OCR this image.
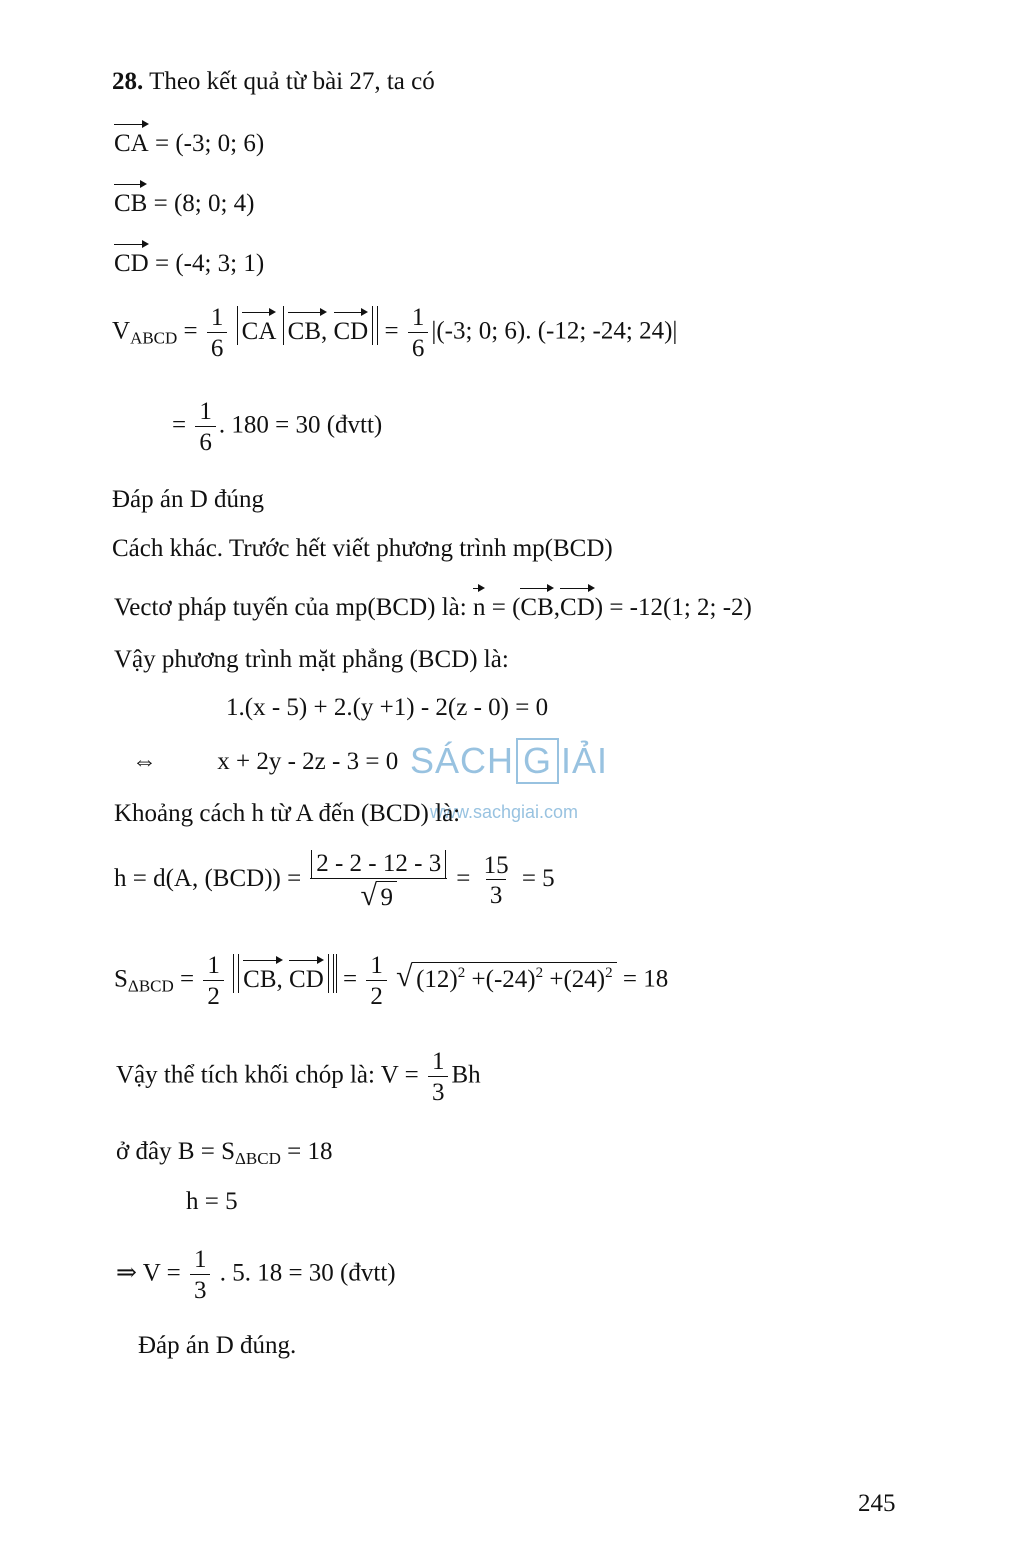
28. Theo kết quả từ bài 27, ta có
CA = (-3; 0; 6)
CB = (8; 0; 4)
CD = (-4; 3; 1)
$V_{ABCD} = \frac{1}{6}$ CA CB, CD = $\frac{1}{6} |(-3$; 0; 6). (-12; -24; 24)|
= $\frac{1}{6}$ . 180 = 30 (đvtt)
Đáp án D đúng
Cách khác. Trước hết viết phương trình mp(BCD)
Vectơ pháp tuyến của mp(BCD) là: n = (CB,CD) = -12(1; 2; -2)
Vậy phương trình mặt phẳng (BCD) là:
1.(x - 5) + 2.(y +1) - 2(z - 0) = 0
⇔ x + 2y - 2z - 3 = 0 SÁCH G IẢI
www.sachgiai.com
Khoảng cách h từ A đến (BCD) là:
h = d(A, $(BCD)) = \frac{2 - 2 - 12 - 3}{√ 9} = \frac{15}{3} = 5$
$S_{\Delta BCD} = \frac{1}{2}$ CB, CD = $\frac{1}{2}$
√ $(12)^2 +(-24)^2 +(24)^2 = 18$
Vậy thể tích khối chóp là: $V = \frac{1}{3}$ Bh
ở đây $B = S_{\Delta BCD} = 18$
h = 5
⇒ $V = \frac{1}{3}$ . 5. 18 = 30 (đvtt)
Đáp án D đúng.
245
